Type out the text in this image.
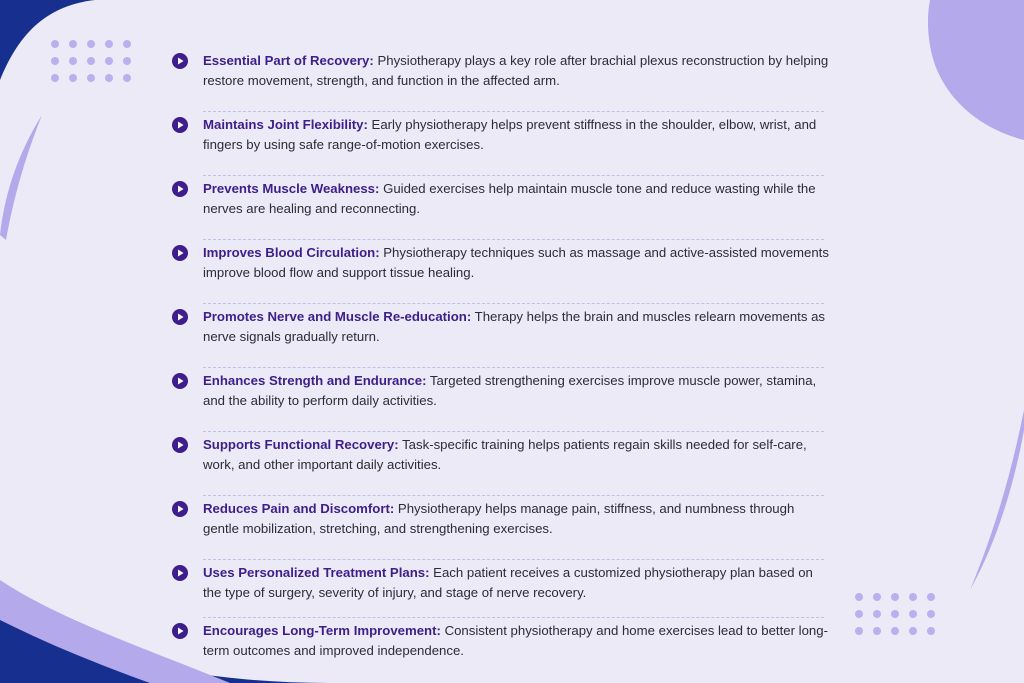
Essential Part of Recovery: Physiotherapy plays a key role after brachial plexus reconstruction by helping restore movement, strength, and function in the affected arm.
Maintains Joint Flexibility: Early physiotherapy helps prevent stiffness in the shoulder, elbow, wrist, and fingers by using safe range-of-motion exercises.
Prevents Muscle Weakness: Guided exercises help maintain muscle tone and reduce wasting while the nerves are healing and reconnecting.
Improves Blood Circulation: Physiotherapy techniques such as massage and active-assisted movements improve blood flow and support tissue healing.
Promotes Nerve and Muscle Re-education: Therapy helps the brain and muscles relearn movements as nerve signals gradually return.
Enhances Strength and Endurance: Targeted strengthening exercises improve muscle power, stamina, and the ability to perform daily activities.
Supports Functional Recovery: Task-specific training helps patients regain skills needed for self-care, work, and other important daily activities.
Reduces Pain and Discomfort: Physiotherapy helps manage pain, stiffness, and numbness through gentle mobilization, stretching, and strengthening exercises.
Uses Personalized Treatment Plans: Each patient receives a customized physiotherapy plan based on the type of surgery, severity of injury, and stage of nerve recovery.
Encourages Long-Term Improvement: Consistent physiotherapy and home exercises lead to better long-term outcomes and improved independence.
